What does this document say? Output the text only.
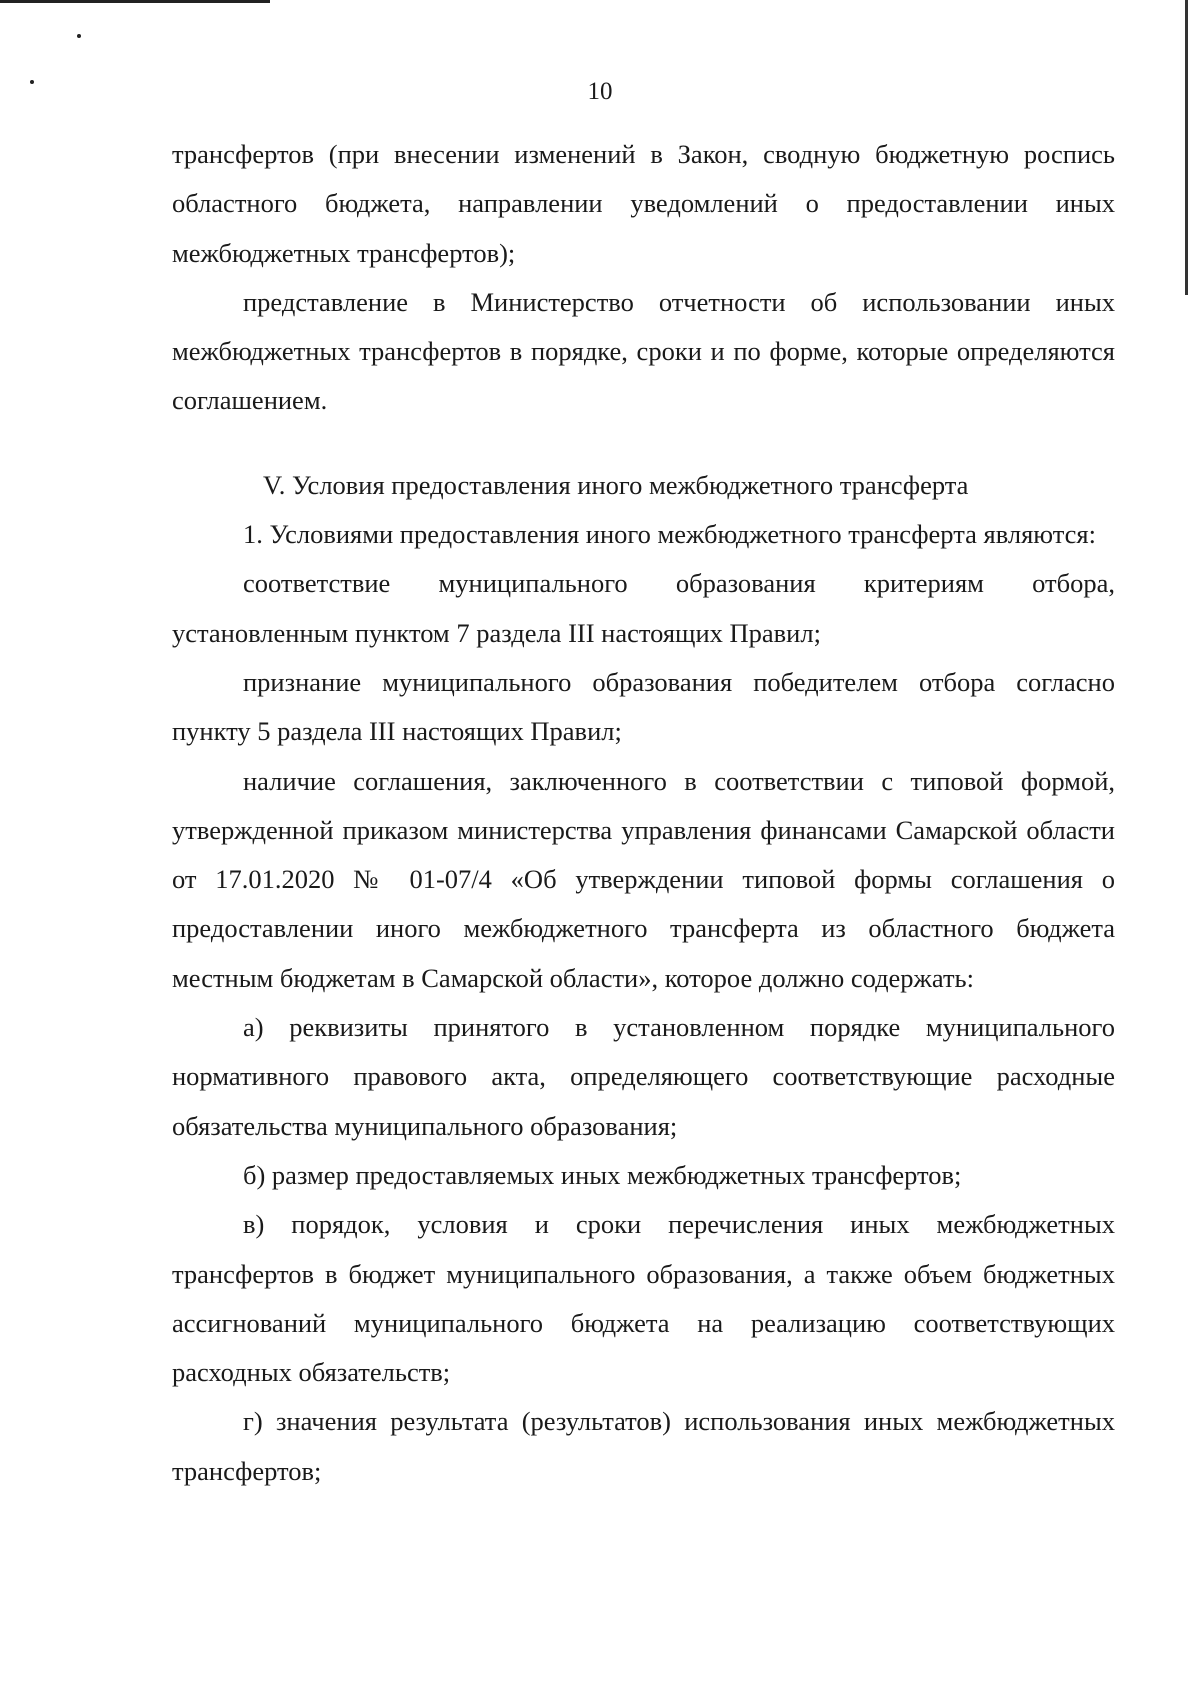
10

трансфертов (при внесении изменений в Закон, сводную бюджетную роспись областного бюджета, направлении уведомлений о предоставлении иных межбюджетных трансфертов);

представление в Министерство отчетности об использовании иных межбюджетных трансфертов в порядке, сроки и по форме, которые определяются соглашением.

V. Условия предоставления иного межбюджетного трансферта

1. Условиями предоставления иного межбюджетного трансферта являются:

соответствие муниципального образования критериям отбора, установленным пунктом 7 раздела III настоящих Правил;

признание муниципального образования победителем отбора согласно пункту 5 раздела III настоящих Правил;

наличие соглашения, заключенного в соответствии с типовой формой, утвержденной приказом министерства управления финансами Самарской области от 17.01.2020 № 01-07/4 «Об утверждении типовой формы соглашения о предоставлении иного межбюджетного трансферта из областного бюджета местным бюджетам в Самарской области», которое должно содержать:

а) реквизиты принятого в установленном порядке муниципального нормативного правового акта, определяющего соответствующие расходные обязательства муниципального образования;

б) размер предоставляемых иных межбюджетных трансфертов;

в) порядок, условия и сроки перечисления иных межбюджетных трансфертов в бюджет муниципального образования, а также объем бюджетных ассигнований муниципального бюджета на реализацию соответствующих расходных обязательств;

г) значения результата (результатов) использования иных межбюджетных трансфертов;
